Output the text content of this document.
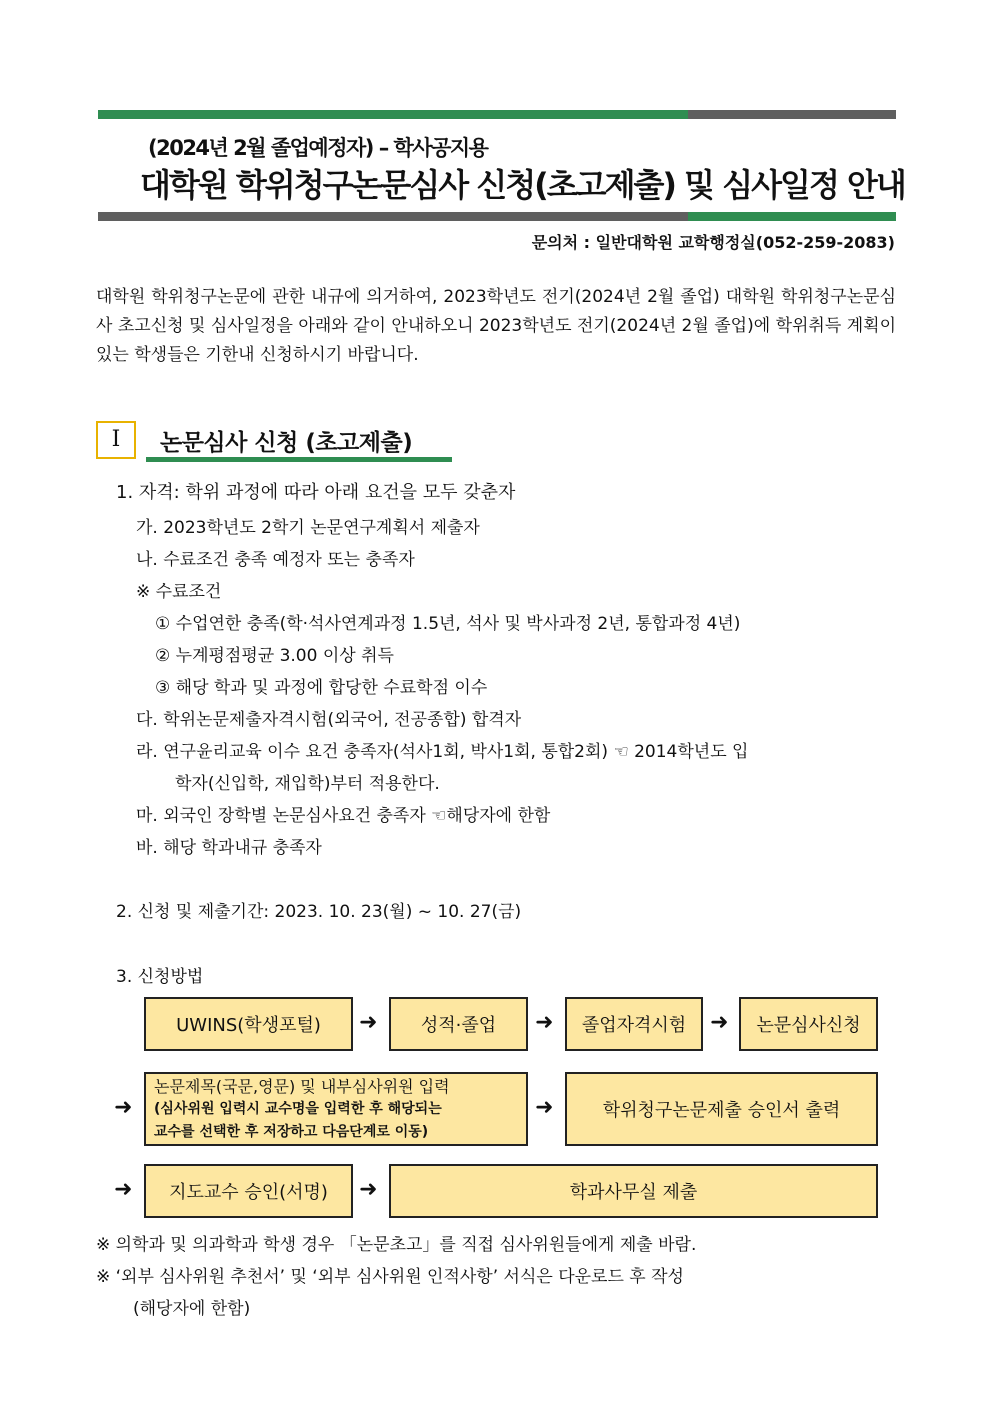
(2024년 2월 졸업예정자) – 학사공지용
대학원 학위청구논문심사 신청(초고제출) 및 심사일정 안내
문의처 : 일반대학원 교학행정실(052-259-2083)
대학원 학위청구논문에 관한 내규에 의거하여, 2023학년도 전기(2024년 2월 졸업) 대학원 학위청구논문심사 초고신청 및 심사일정을 아래와 같이 안내하오니 2023학년도 전기(2024년 2월 졸업)에 학위취득 계획이 있는 학생들은 기한내 신청하시기 바랍니다.
I	논문심사 신청 (초고제출)
1. 자격: 학위 과정에 따라 아래 요건을 모두 갖춘자
가. 2023학년도 2학기 논문연구계획서 제출자
나. 수료조건 충족 예정자 또는 충족자
※ 수료조건
① 수업연한 충족(학·석사연계과정 1.5년, 석사 및 박사과정 2년, 통합과정 4년)
② 누계평점평균 3.00 이상 취득
③ 해당 학과 및 과정에 합당한 수료학점 이수
다. 학위논문제출자격시험(외국어, 전공종합) 합격자
라. 연구윤리교육 이수 요건 충족자(석사1회, 박사1회, 통합2회) ☜ 2014학년도 입
학자(신입학, 재입학)부터 적용한다.
마. 외국인 장학별 논문심사요건 충족자 ☜해당자에 한함
바. 해당 학과내규 충족자
2. 신청 및 제출기간: 2023. 10. 23(월) ~ 10. 27(금)
3. 신청방법
UWINS(학생포털) ➜ 성적·졸업 ➜ 졸업자격시험 ➜ 논문심사신청
➜
논문제목(국문,영문) 및 내부심사위원 입력
(심사위원 입력시 교수명을 입력한 후 해당되는
교수를 선택한 후 저장하고 다음단계로 이동)
➜	학위청구논문제출 승인서 출력
➜ 지도교수 승인(서명) ➜	학과사무실 제출
※ 의학과 및 의과학과 학생 경우 「논문초고」를 직접 심사위원들에게 제출 바람.
※ ‘외부 심사위원 추천서’ 및 ‘외부 심사위원 인적사항’ 서식은 다운로드 후 작성
(해당자에 한함)
